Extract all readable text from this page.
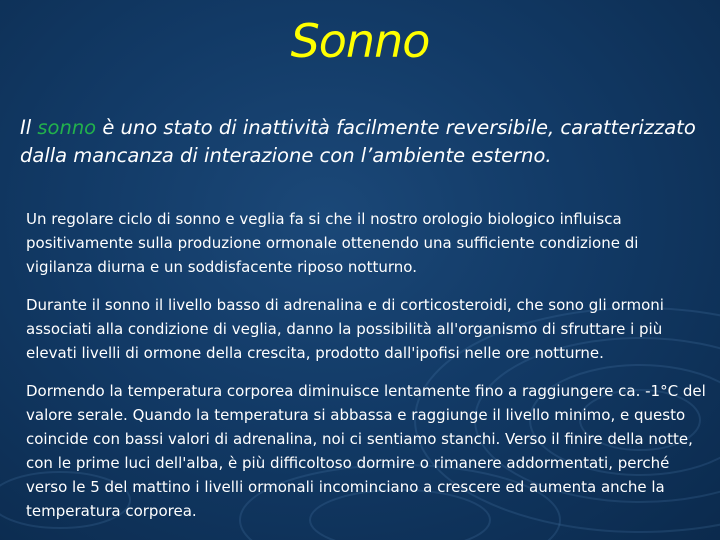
Sonno
Il sonno è uno stato di inattività facilmente reversibile, caratterizzato dalla mancanza di interazione con l’ambiente esterno.
Un regolare ciclo di sonno e veglia fa si che il nostro orologio biologico influisca positivamente sulla produzione ormonale ottenendo una sufficiente condizione di vigilanza diurna e un soddisfacente riposo notturno.
Durante il sonno il livello basso di adrenalina e di corticosteroidi, che sono gli ormoni associati alla condizione di veglia, danno la possibilità all'organismo di sfruttare i più elevati livelli di ormone della crescita, prodotto dall'ipofisi nelle ore notturne.
Dormendo la temperatura corporea diminuisce lentamente fino a raggiungere ca. -1°C del valore serale. Quando la temperatura si abbassa e raggiunge il livello minimo, e questo coincide con bassi valori di adrenalina, noi ci sentiamo stanchi. Verso il finire della notte, con le prime luci dell'alba, è più difficoltoso dormire o rimanere addormentati, perché verso le 5 del mattino i livelli ormonali incominciano a crescere ed aumenta anche la temperatura corporea.
